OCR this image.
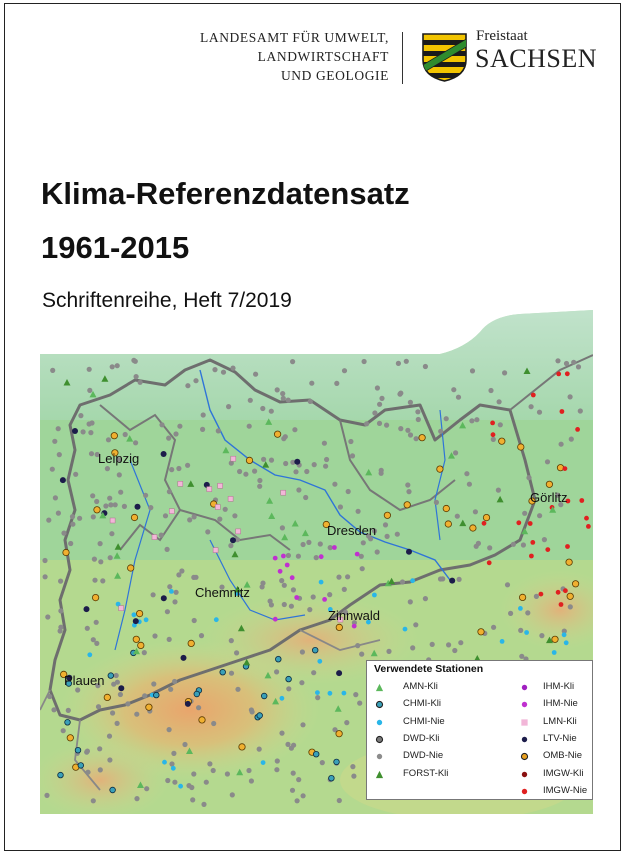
LANDESAMT FÜR UMWELT,
LANDWIRTSCHAFT
UND GEOLOGIE
Freistaat
SACHSEN
Klima-Referenzdatensatz
1961-2015
Schriftenreihe, Heft 7/2019
Leipzig
Dresden
Görlitz
Chemnitz
Zinnwald
Plauen
Verwendete Stationen
AMN-Kli
CHMI-Kli
CHMI-Nie
DWD-Kli
DWD-Nie
FORST-Kli
IHM-Kli
IHM-Nie
LMN-Kli
LTV-Nie
OMB-Nie
IMGW-Kli
IMGW-Nie
